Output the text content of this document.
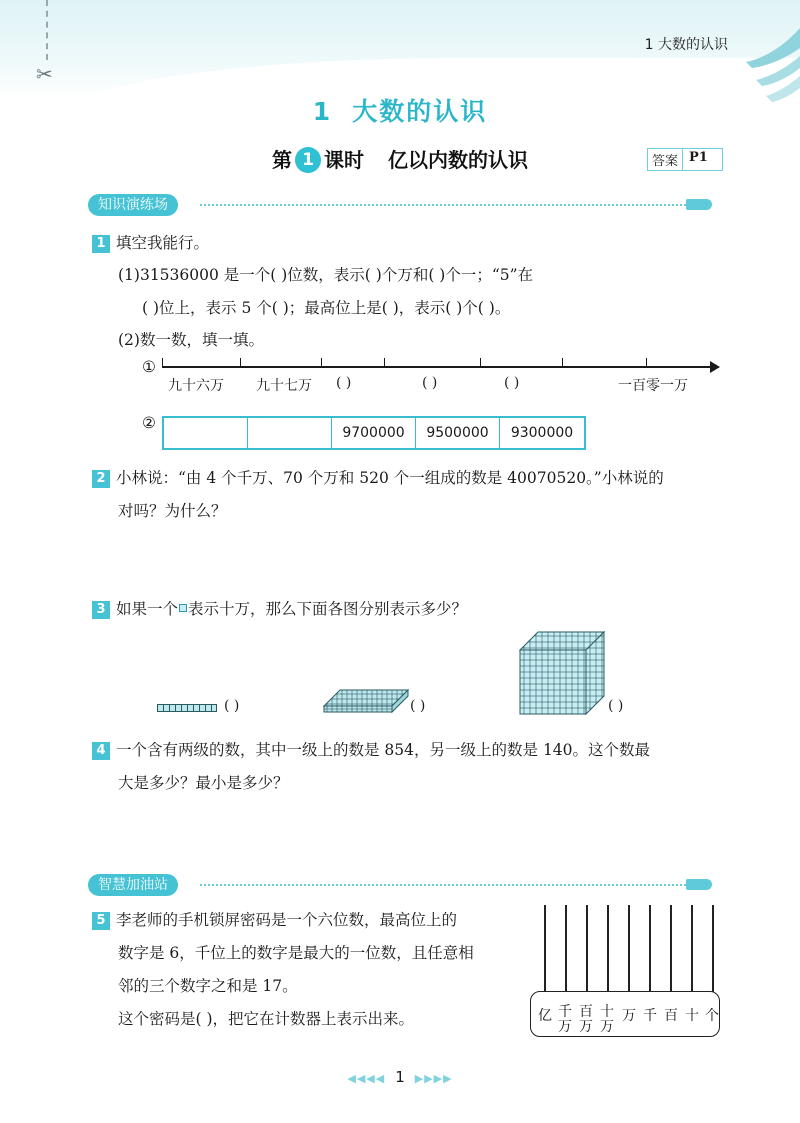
✂
1 大数的认识
1 大数的认识
第 1 课时 亿以内数的认识	答案 P1
知识演练场
1 填空我能行。
(1)31536000 是一个( )位数，表示( )个万和( )个一；“5”在
( )位上，表示 5 个( )；最高位上是( )，表示( )个( )。
(2)数一数，填一填。
①
九十六万 九十七万 ( )	( )	( )	一百零一万
②
9700000	9500000	9300000
2 小林说：“由 4 个千万、70 个万和 520 个一组成的数是 40070520。”小林说的
对吗？为什么？
3 如果一个 表示十万，那么下面各图分别表示多少？
( )	( )	( )
4 一个含有两级的数，其中一级上的数是 854，另一级上的数是 140。这个数最
大是多少？最小是多少？
智慧加油站
5 李老师的手机锁屏密码是一个六位数，最高位上的
数字是 6，千位上的数字是最大的一位数，且任意相
邻的三个数字之和是 17。
这个密码是( )，把它在计数器上表示出来。	亿 千万
百万
十万
万 千 百 十 个
◀◀◀◀ 1 ▶▶▶▶
